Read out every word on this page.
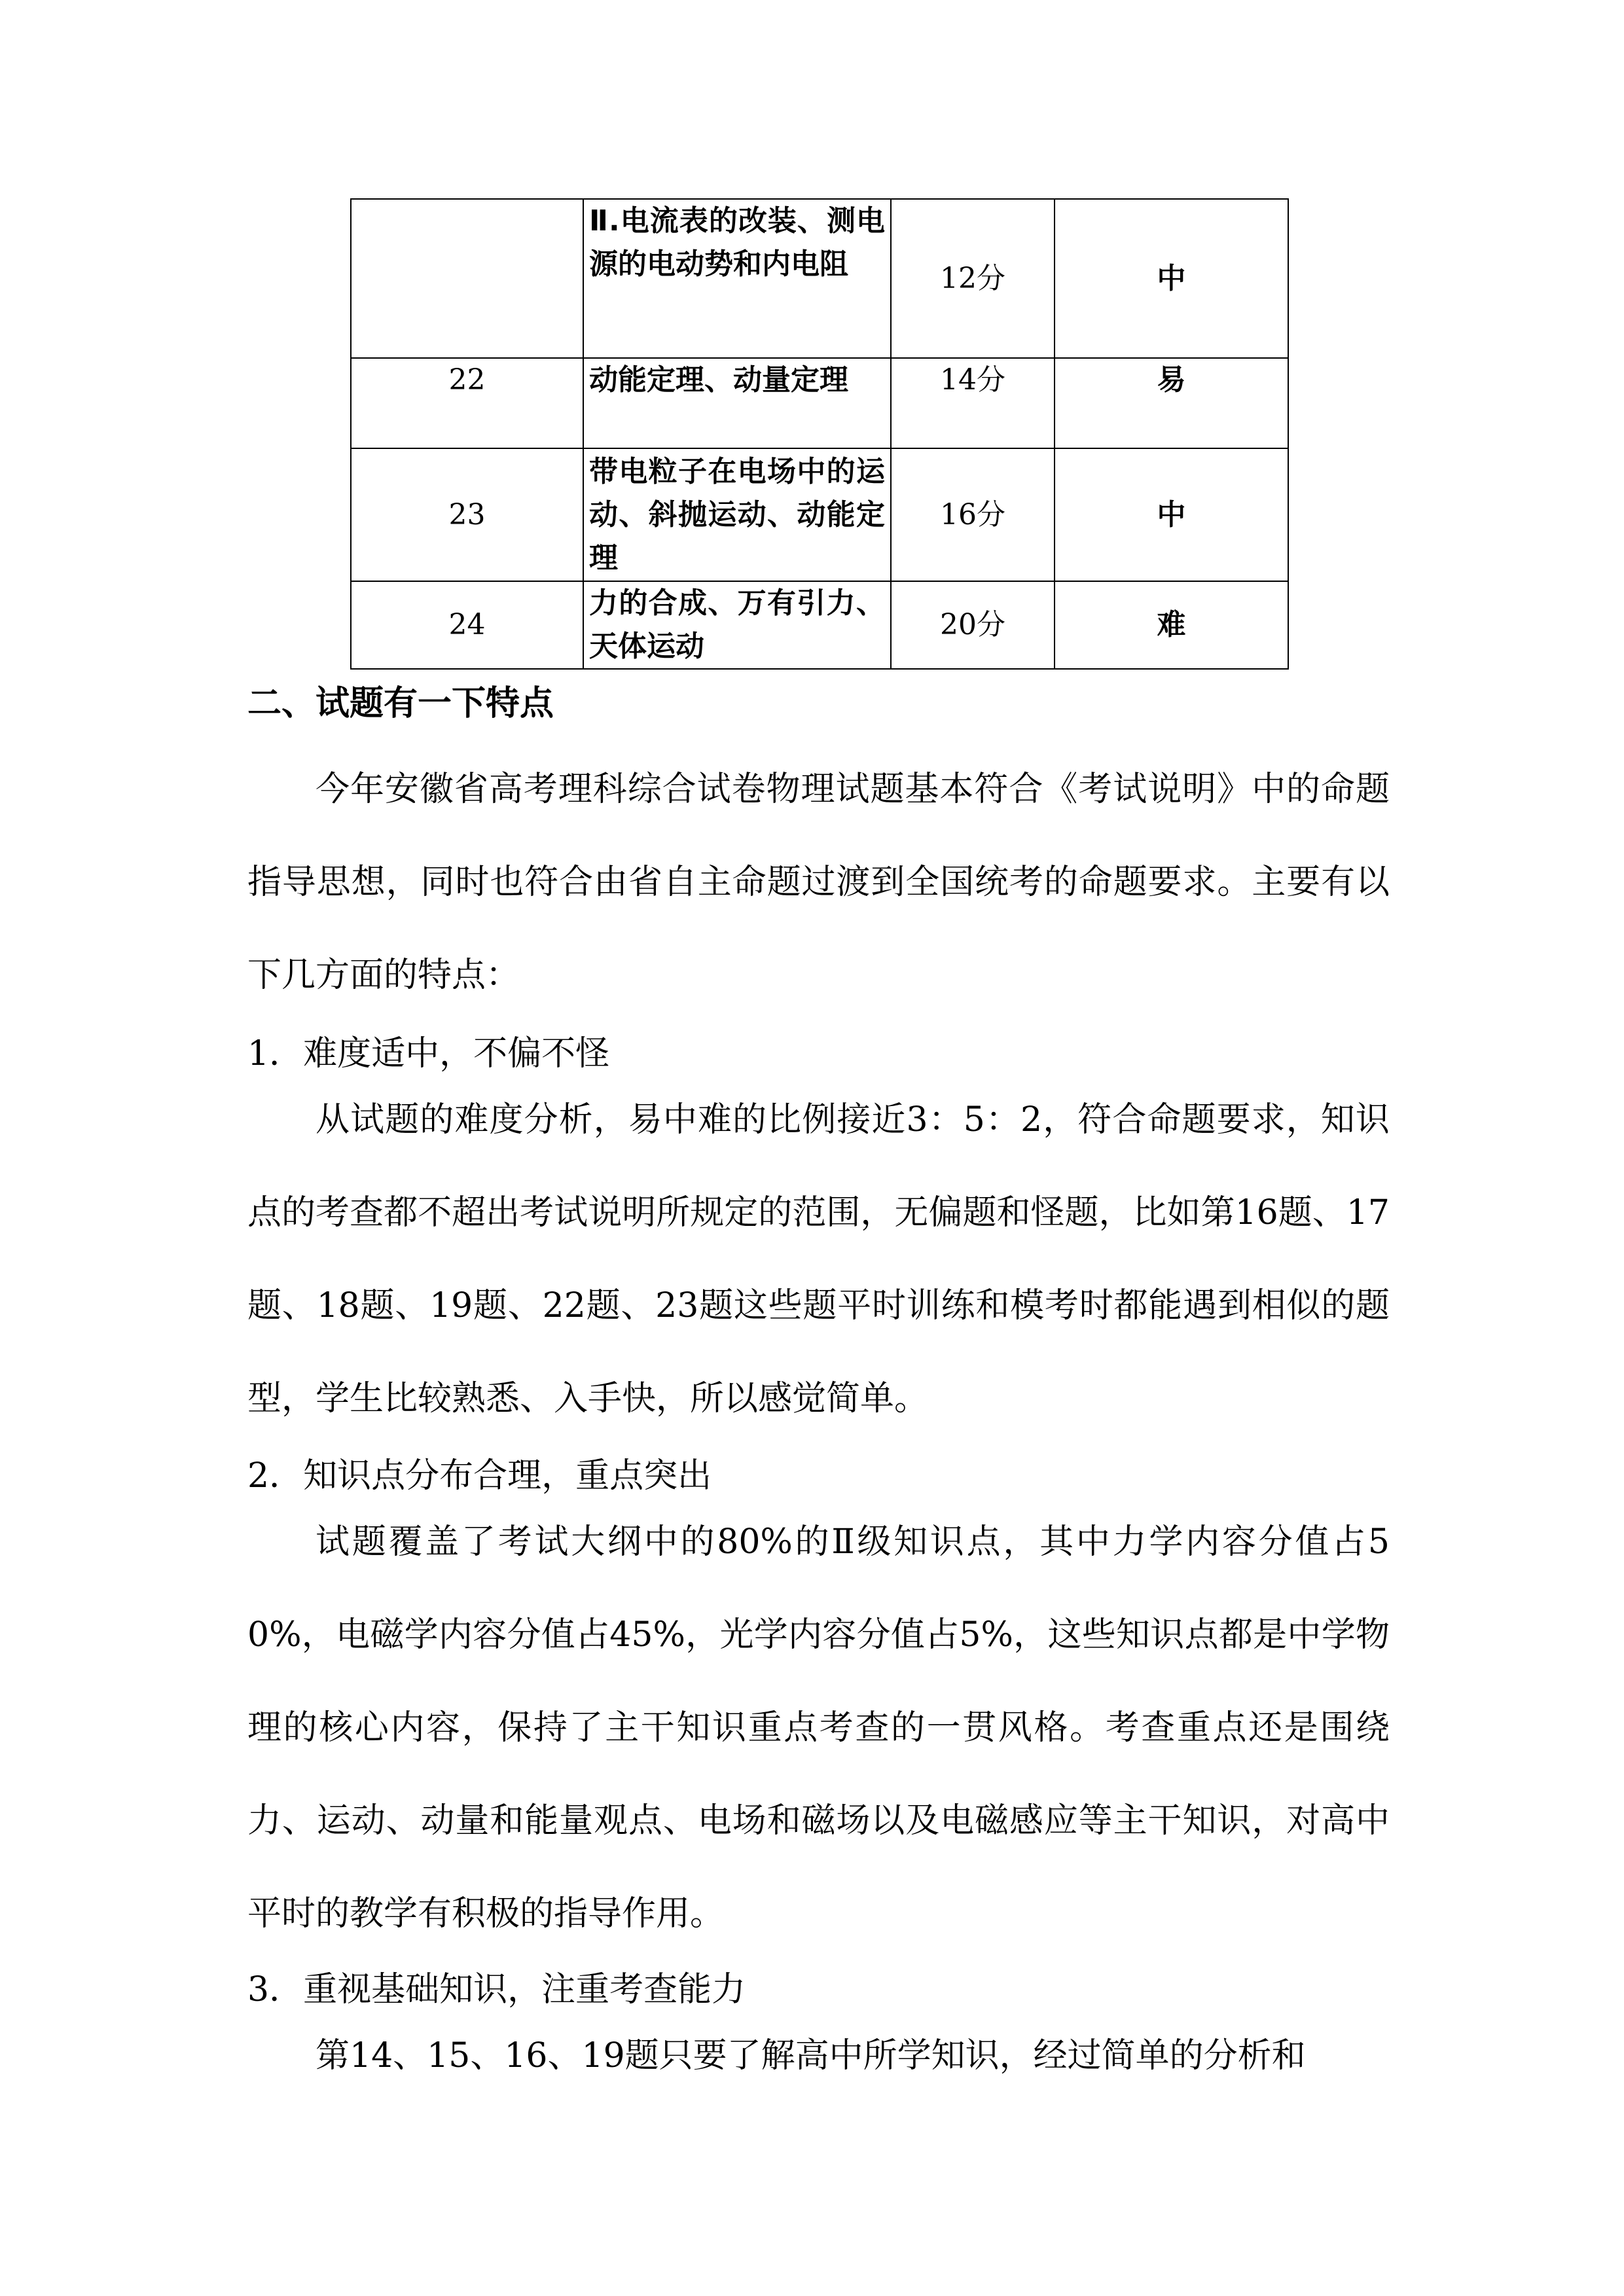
	Ⅱ.电流表的改装、测电源的电动势和内电阻	12分	中
22	动能定理、动量定理	14分	易
23	带电粒子在电场中的运动、斜抛运动、动能定理	16分	中
24	力的合成、万有引力、天体运动	20分	难
二、试题有一下特点

今年安徽省高考理科综合试卷物理试题基本符合《考试说明》中的命题指导思想，同时也符合由省自主命题过渡到全国统考的命题要求。主要有以下几方面的特点：

1．难度适中，不偏不怪

从试题的难度分析，易中难的比例接近3：5：2，符合命题要求，知识点的考查都不超出考试说明所规定的范围，无偏题和怪题，比如第16题、17题、18题、19题、22题、23题这些题平时训练和模考时都能遇到相似的题型，学生比较熟悉、入手快，所以感觉简单。

2．知识点分布合理，重点突出

试题覆盖了考试大纲中的80%的Ⅱ级知识点，其中力学内容分值占50%，电磁学内容分值占45%，光学内容分值占5%，这些知识点都是中学物理的核心内容，保持了主干知识重点考查的一贯风格。考查重点还是围绕力、运动、动量和能量观点、电场和磁场以及电磁感应等主干知识，对高中平时的教学有积极的指导作用。

3．重视基础知识，注重考查能力

第14、15、16、19题只要了解高中所学知识，经过简单的分析和
